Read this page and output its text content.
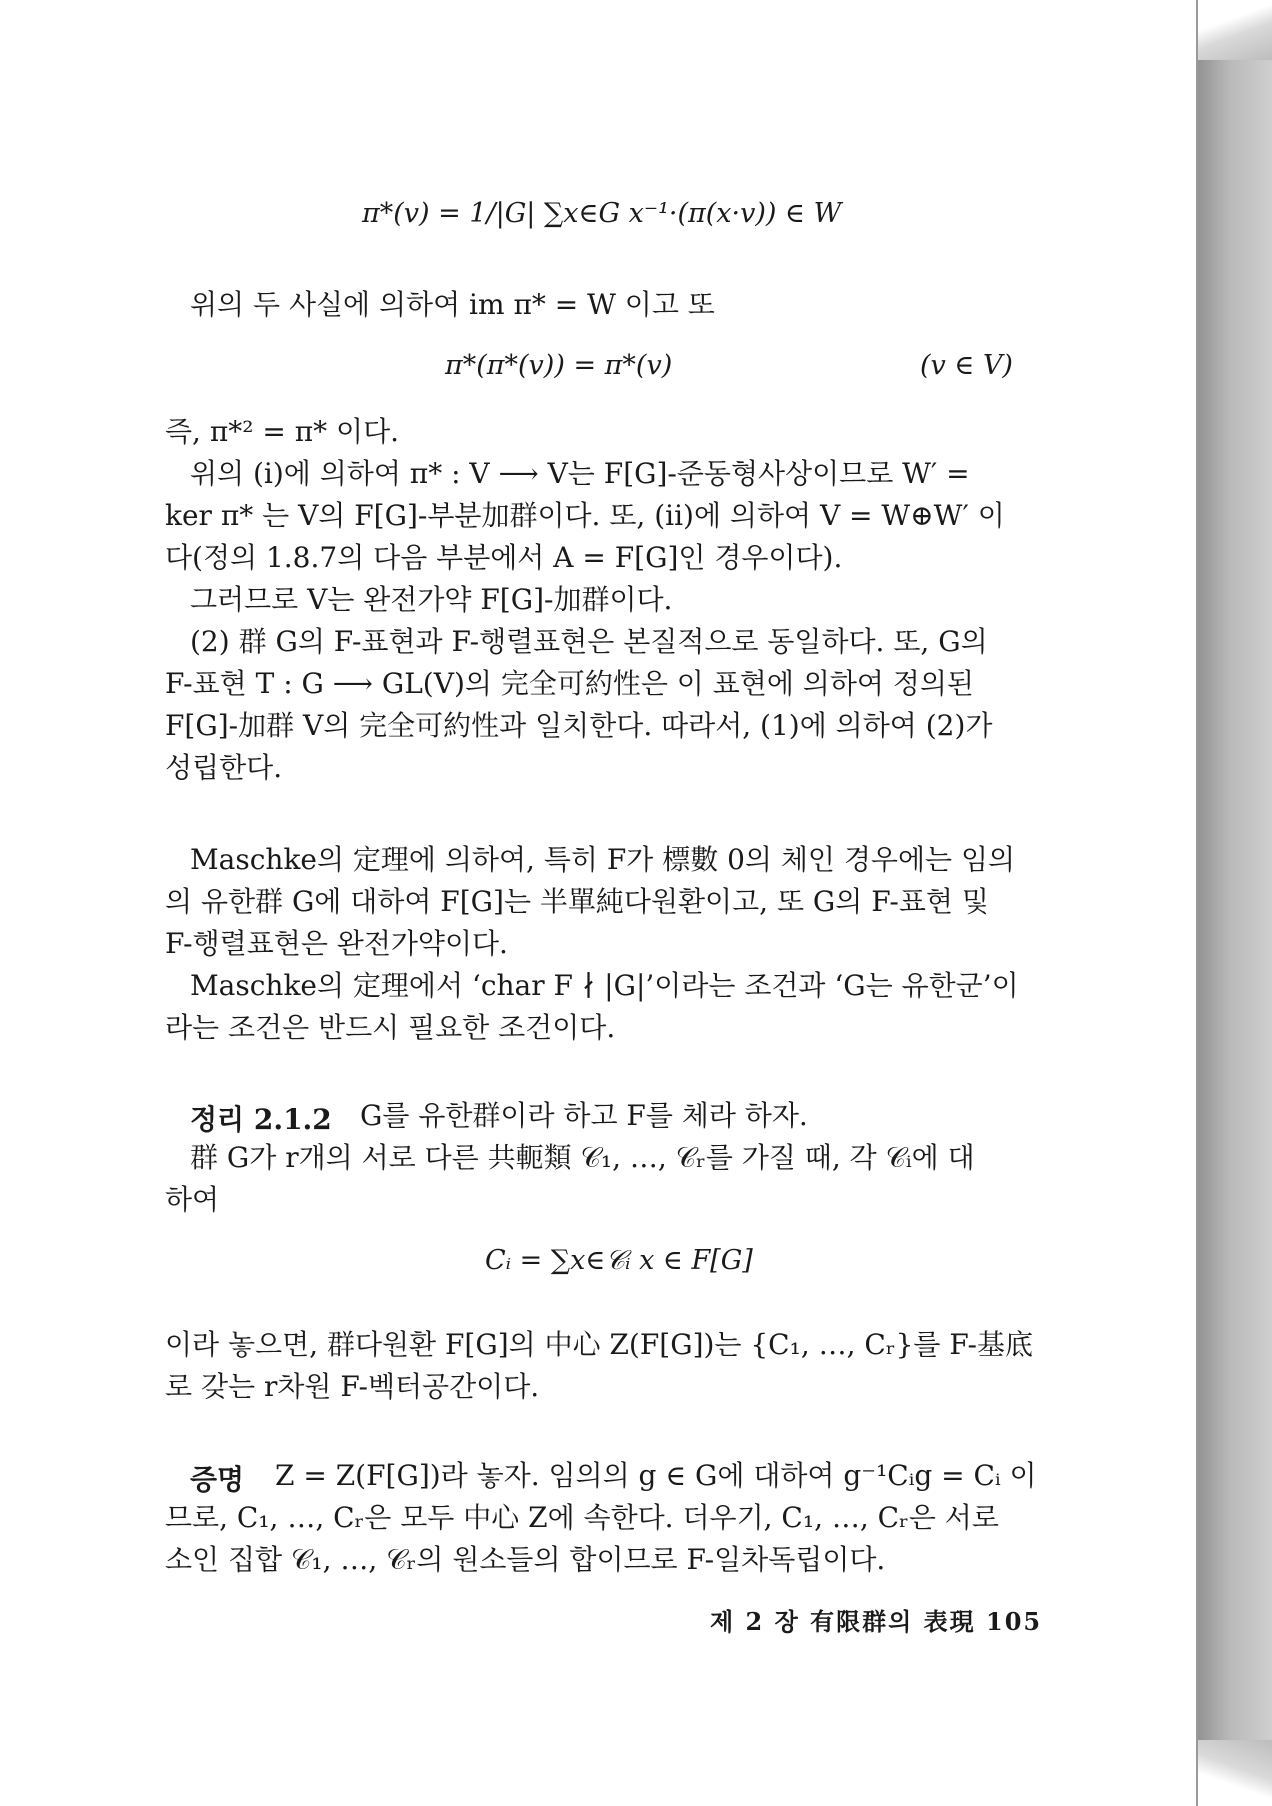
π*(v) = 1/|G| ∑x∈G x⁻¹·(π(x·v)) ∈ W
위의 두 사실에 의하여 im π* = W 이고 또
π*(π*(v)) = π*(v)	(v ∈ V)
즉, π*² = π* 이다.
위의 (i)에 의하여 π* : V ⟶ V는 F[G]-준동형사상이므로 W′ =
ker π* 는 V의 F[G]-부분加群이다. 또, (ii)에 의하여 V = W⊕W′ 이
다(정의 1.8.7의 다음 부분에서 A = F[G]인 경우이다).
그러므로 V는 완전가약 F[G]-加群이다.
(2) 群 G의 F-표현과 F-행렬표현은 본질적으로 동일하다. 또, G의
F-표현 T : G ⟶ GL(V)의 完全可約性은 이 표현에 의하여 정의된
F[G]-加群 V의 完全可約性과 일치한다. 따라서, (1)에 의하여 (2)가
성립한다.
Maschke의 定理에 의하여, 특히 F가 標數 0의 체인 경우에는 임의
의 유한群 G에 대하여 F[G]는 半單純다원환이고, 또 G의 F-표현 및
F-행렬표현은 완전가약이다.
Maschke의 定理에서 ‘char F ∤ |G|’이라는 조건과 ‘G는 유한군’이
라는 조건은 반드시 필요한 조건이다.
정리 2.1.2 G를 유한群이라 하고 F를 체라 하자.
群 G가 r개의 서로 다른 共軛類 𝒞₁, …, 𝒞ᵣ를 가질 때, 각 𝒞ᵢ에 대
하여
Cᵢ = ∑x∈𝒞ᵢ x ∈ F[G]
이라 놓으면, 群다원환 F[G]의 中心 Z(F[G])는 {C₁, …, Cᵣ}를 F-基底
로 갖는 r차원 F-벡터공간이다.
증명 Z = Z(F[G])라 놓자. 임의의 g ∈ G에 대하여 g⁻¹Cᵢg = Cᵢ 이
므로, C₁, …, Cᵣ은 모두 中心 Z에 속한다. 더우기, C₁, …, Cᵣ은 서로
소인 집합 𝒞₁, …, 𝒞ᵣ의 원소들의 합이므로 F-일차독립이다.
제 2 장 有限群의 表現 105
